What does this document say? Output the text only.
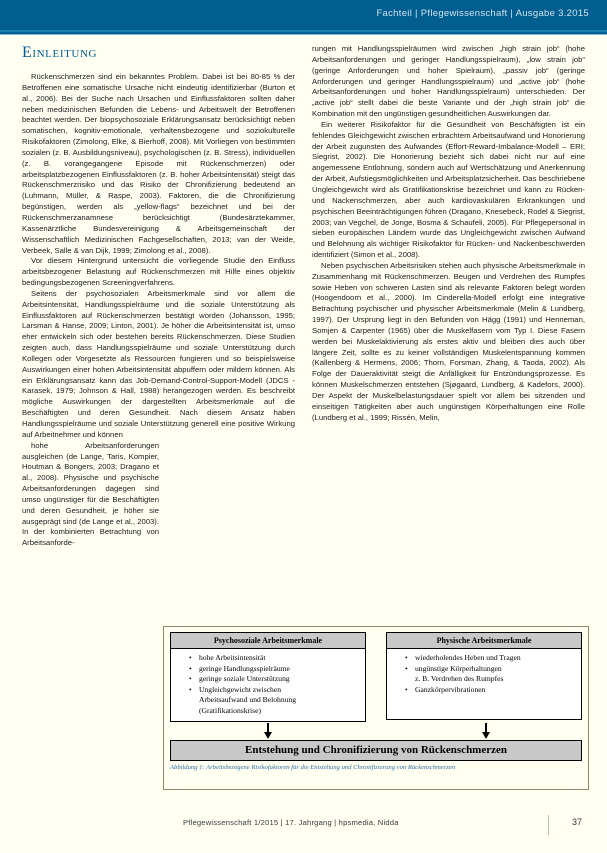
Fachteil | Pflegewissenschaft | Ausgabe 3.2015
Einleitung

Rückenschmerzen sind ein bekanntes Problem. Dabei ist bei 80-85 % der Betroffenen eine somatische Ursache nicht eindeutig identifizierbar (Burton et al., 2006). Bei der Suche nach Ursachen und Einflussfaktoren sollten daher neben medizinischen Befunden die Lebens- und Arbeitswelt der Betroffenen beachtet werden. Der biopsychosoziale Erklärungsansatz berücksichtigt neben somatischen, kognitiv-emotionale, verhaltensbezogene und soziokulturelle Risikofaktoren (Zimolong, Elke, & Bierhoff, 2008). Mit Vorliegen von bestimmten sozialen (z. B. Ausbildungsniveau), psychologischen (z. B. Stress), individuellen (z. B. vorangegangene Episode mit Rückenschmerzen) oder arbeitsplatzbezogenen Einflussfaktoren (z. B. hoher Arbeitsintensität) steigt das Rückenschmerzrisiko und das Risiko der Chronifizierung bedeutend an (Luhmann, Müller, & Raspe, 2003). Faktoren, die die Chronifizierung begünstigen, werden als „yellow-flags“ bezeichnet und bei der Rückenschmerzanamnese berücksichtigt (Bundesärztekammer, Kassenärztliche Bundesvereinigung & Arbeitsgemeinschaft der Wissenschaftlich Medizinischen Fachgesellschaften, 2013; van der Weide, Verbeek, Salle & van Dijk, 1999; Zimolong et al., 2008).

Vor diesem Hintergrund untersucht die vorliegende Studie den Einfluss arbeitsbezogener Belastung auf Rückenschmerzen mit Hilfe eines objektiv bedingungsbezogenen Screeningverfahrens.

Seitens der psychosozialen Arbeitsmerkmale sind vor allem die Arbeitsintensität, Handlungsspielräume und die soziale Unterstützung als Einflussfaktoren auf Rückenschmerzen bestätigt worden (Johansson, 1995; Larsman & Hanse, 2009; Linton, 2001). Je höher die Arbeitsintensität ist, umso eher entwickeln sich oder bestehen bereits Rückenschmerzen. Diese Studien zeigten auch, dass Handlungsspielräume und soziale Unterstützung durch Kollegen oder Vorgesetzte als Ressourcen fungieren und so beispielsweise Auswirkungen einer hohen Arbeitsintensität abpuffern oder mildern können. Als ein Erklärungsansatz kann das Job-Demand-Control-Support-Modell (JDCS - Karasek, 1979; Johnson & Hall, 1988) herangezogen werden. Es beschreibt mögliche Auswirkungen der dargestellten Arbeitsmerkmale auf die Beschäftigten und deren Gesundheit. Nach diesem Ansatz haben Handlungsspielräume und soziale Unterstützung generell eine positive Wirkung auf Arbeitnehmer und können

hohe Arbeitsanforderungen ausgleichen (de Lange, Taris, Kompier, Houtman & Bongers, 2003; Dragano et al., 2008). Physische und psychische Arbeitsanforderungen dagegen sind umso ungünstiger für die Beschäftigten und deren Gesundheit, je höher sie ausgeprägt sind (de Lange et al., 2003). In der kombinierten Betrachtung von Arbeitsanforde-

rungen mit Handlungsspielräumen wird zwischen „high strain job“ (hohe Arbeitsanforderungen und geringer Handlungsspielraum), „low strain job“ (geringe Anforderungen und hoher Spielraum), „passiv job“ (geringe Anforderungen und geringer Handlungsspielraum) und „active job“ (hohe Arbeitsanforderungen und hoher Handlungsspielraum) unterschieden. Der „active job“ stellt dabei die beste Variante und der „high strain job“ die Kombination mit den ungünstigen gesundheitlichen Auswirkungen dar.

Ein weiterer Risikofaktor für die Gesundheit von Beschäftigten ist ein fehlendes Gleichgewicht zwischen erbrachtem Arbeitsaufwand und Honorierung der Arbeit zugunsten des Aufwandes (Effort-Reward-Imbalance-Modell – ERI; Siegrist, 2002). Die Honorierung bezieht sich dabei nicht nur auf eine angemessene Entlohnung, sondern auch auf Wertschätzung und Anerkennung der Arbeit, Aufstiegsmöglichkeiten und Arbeitsplatzsicherheit. Das beschriebene Ungleichgewicht wird als Gratifikationskrise bezeichnet und kann zu Rücken- und Nackenschmerzen, aber auch kardiovaskulären Erkrankungen und psychischen Beeinträchtigungen führen (Dragano, Knesebeck, Rodel & Siegrist, 2003; van Vegchel, de Jonge, Bosma & Schaufeli, 2005). Für Pflegepersonal in sieben europäischen Ländern wurde das Ungleichgewicht zwischen Aufwand und Belohnung als wichtiger Risikofaktor für Rücken- und Nackenbeschwerden identifiziert (Simon et al., 2008).

Neben psychischen Arbeitsrisiken stehen auch physische Arbeitsmerkmale in Zusammenhang mit Rückenschmerzen. Beugen und Verdrehen des Rumpfes sowie Heben von schweren Lasten sind als relevante Faktoren belegt worden (Hoogendoorn et al., 2000). Im Cinderella-Modell erfolgt eine integrative Betrachtung psychischer und physischer Arbeitsmerkmale (Melin & Lundberg, 1997). Der Ursprung liegt in den Befunden von Hägg (1991) und Henneman, Somjen & Carpenter (1965) über die Muskelfasern vom Typ I. Diese Fasern werden bei Muskelaktivierung als erstes aktiv und bleiben dies auch über längere Zeit, sollte es zu keiner vollständigen Muskelentspannung kommen (Kallenberg & Hermens, 2006; Thorn, Forsman, Zhang, & Taoda, 2002). Als Folge der Daueraktivität steigt die Anfälligkeit für Entzündungsprozesse. Es können Muskelschmerzen entstehen (Sjøgaard, Lundberg, & Kadefors, 2000). Der Aspekt der Muskelbelastungsdauer spielt vor allem bei sitzenden und einseitigen Tätigkeiten aber auch ungünstigen Körperhaltungen eine Rolle (Lundberg et al., 1999; Rissén, Melin,

Psychosoziale Arbeitsmerkmale
• hohe Arbeitsintensität
• geringe Handlungsspielräume
• geringe soziale Unterstützung
• Ungleichgewicht zwischen
Arbeitsaufwand und Belohnung
(Gratifikationskrise)
Physische Arbeitsmerkmale
• wiederholendes Heben und Tragen
• ungünstige Körperhaltungen
z. B. Verdrehen des Rumpfes
• Ganzkörpervibrationen
Entstehung und Chronifizierung von Rückenschmerzen
Abbildung 1: Arbeitsbezogene Risikofaktoren für die Entstehung und Chronifizierung von Rückenschmerzen
Pflegewissenschaft 1/2015 | 17. Jahrgang | hpsmedia, Nidda	37
